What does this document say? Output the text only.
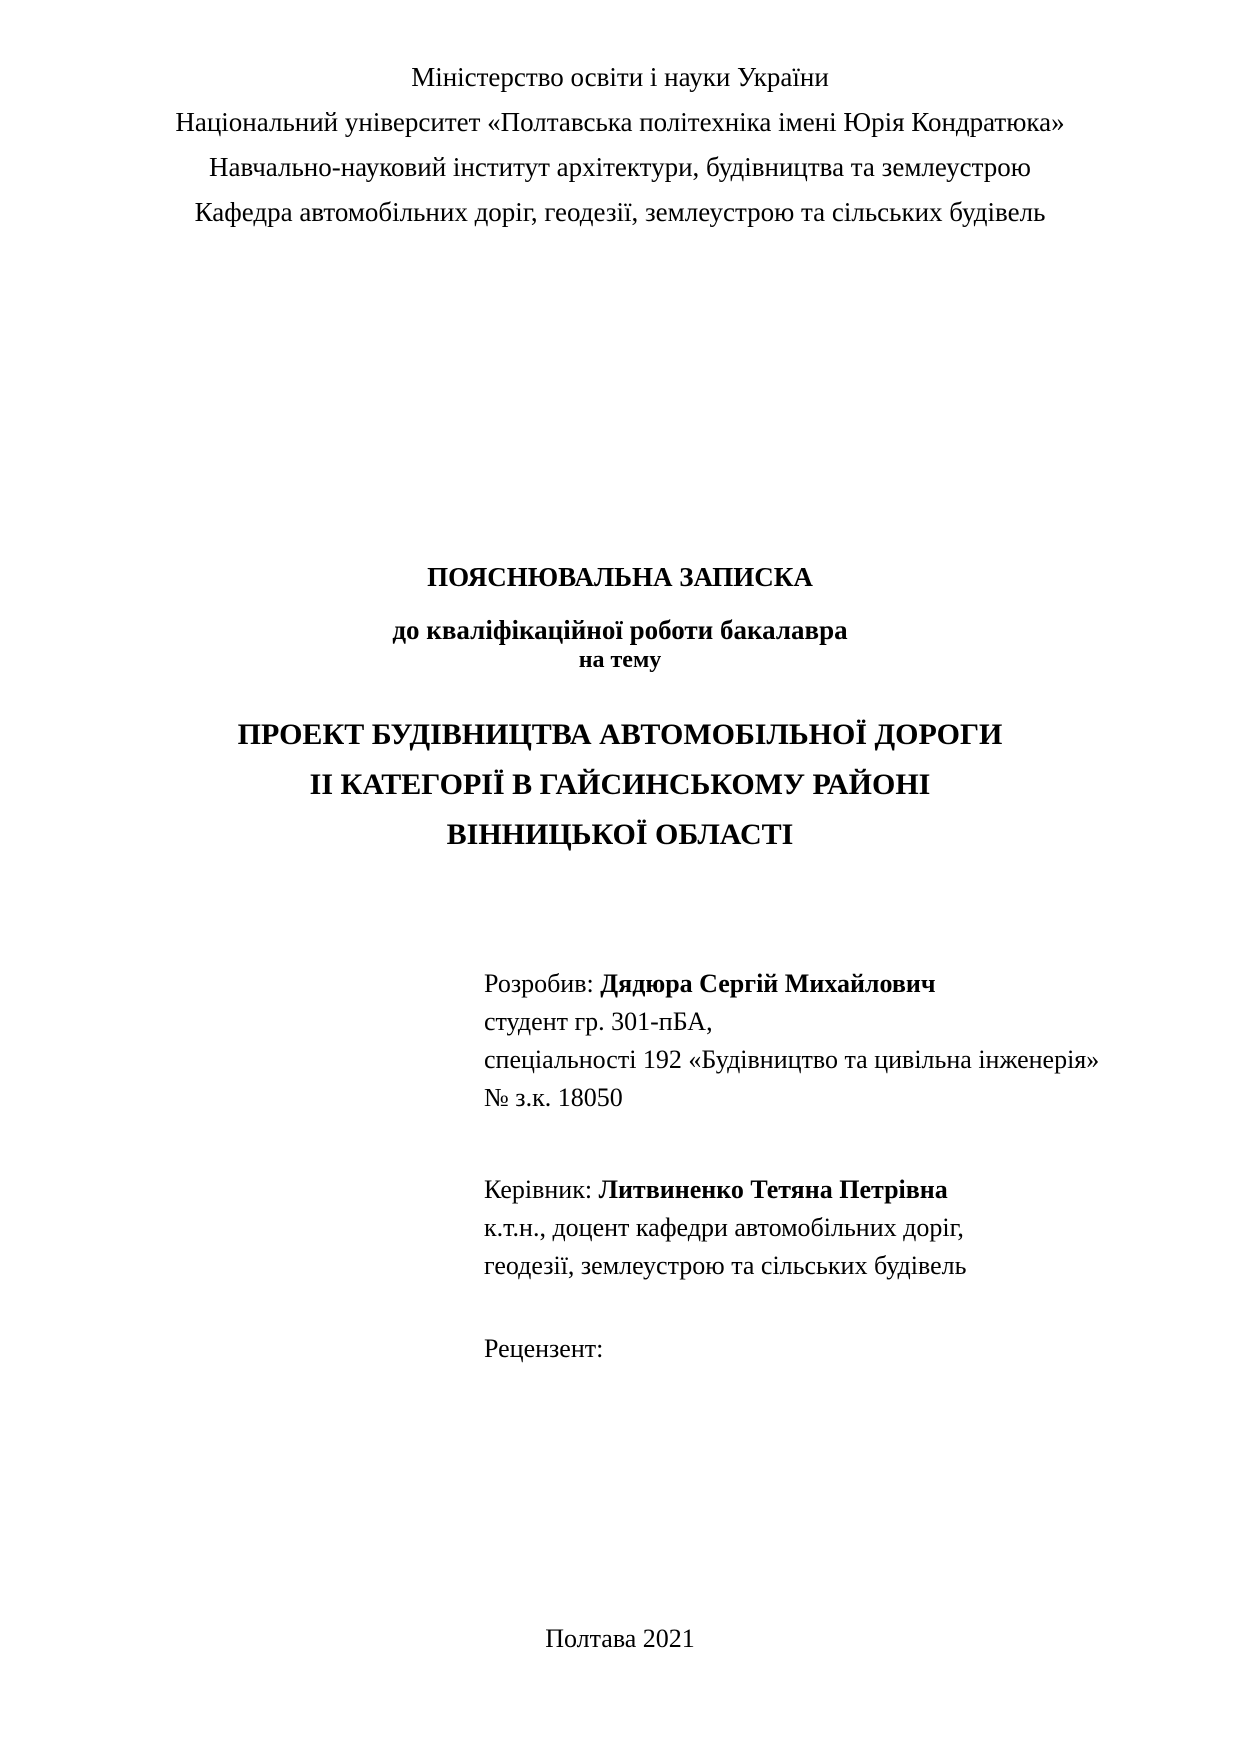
Міністерство освіти і науки України
Національний університет «Полтавська політехніка імені Юрія Кондратюка»
Навчально-науковий інститут архітектури, будівництва та землеустрою
Кафедра автомобільних доріг, геодезії, землеустрою та сільських будівель
ПОЯСНЮВАЛЬНА ЗАПИСКА
до кваліфікаційної роботи бакалавра
на тему
ПРОЕКТ БУДІВНИЦТВА АВТОМОБІЛЬНОЇ ДОРОГИ
ІІ КАТЕГОРІЇ В ГАЙСИНСЬКОМУ РАЙОНІ
ВІННИЦЬКОЇ ОБЛАСТІ
Розробив: Дядюра Сергій Михайлович
студент гр. 301-пБА,
спеціальності 192 «Будівництво та цивільна інженерія»
№ з.к. 18050
Керівник: Литвиненко Тетяна Петрівна
к.т.н., доцент кафедри автомобільних доріг,
геодезії, землеустрою та сільських будівель
Рецензент:
Полтава 2021
